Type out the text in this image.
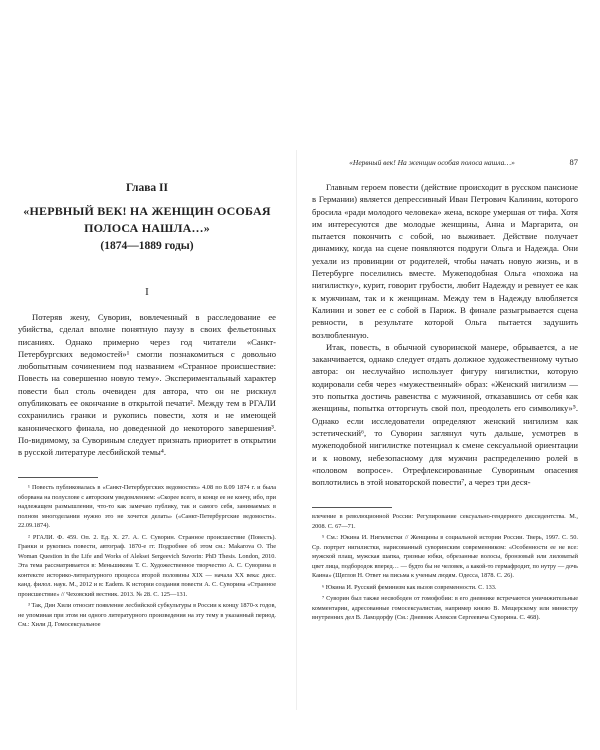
Глава II
«НЕРВНЫЙ ВЕК! НА ЖЕНЩИН ОСОБАЯ
ПОЛОСА НАШЛА…»
(1874—1889 годы)
I

Потеряв жену, Суворин, вовлеченный в расследование ее убийства, сделал вполне понятную паузу в своих фельетонных писаниях. Однако примерно через год читатели «Санкт-Петербургских ведомостей»¹ смогли познакомиться с довольно любопытным сочинением под названием «Странное происшествие: Повесть на совершенно новую тему». Экспериментальный характер повести был столь очевиден для автора, что он не рискнул опубликовать ее окончание в открытой печати². Между тем в РГАЛИ сохранились гранки и рукопись повести, хотя и не имеющей канонического финала, но доведенной до некоторого завершения³. По-видимому, за Сувориным следует признать приоритет в открытии в русской литературе лесбийской темы⁴.

¹ Повесть публиковалась в «Санкт-Петербургских ведомостях» 4.08 по 8.09 1874 г. и была оборвана на полуслове с авторским уведомлением: «Скорее всего, в конце ее не кончу, ибо, при надлежащем размышлении, что-то как замечаю публику, так и самого себя, занимаемых в полном многоделании нужно это не хочется делать» («Санкт-Петербургские ведомости». 22.09.1874).

² РГАЛИ. Ф. 459. Оп. 2. Ед. Х. 27. А. С. Суворин. Странное происшествие (Повесть). Гранки и рукопись повести, автограф. 1870-е гг. Подробнее об этом см.: Makarova O. The Woman Question in the Life and Works of Aleksei Sergeevich Suvorin: PhD Thesis. London, 2010. Эта тема рассматривается в: Меньшикова Т. С. Художественное творчество А. С. Суворина в контексте историко-литературного процесса второй половины XIX — начала XX века: дисс. канд. филол. наук. М., 2012 и в: Eadem. К истории создания повести А. С. Суворина «Странное происшествие» // Чеховский вестник. 2013. № 28. С. 125—131.

³ Так, Дин Хили относит появление лесбийской субкультуры в России к концу 1870-х годов, не упоминая при этом ни одного литературного произведения на эту тему в указанный период. См.: Хили Д. Гомосексуальное

«Нервный век! На женщин особая полоса нашла…»	87

Главным героем повести (действие происходит в русском пансионе в Германии) является депрессивный Иван Петрович Калинин, которого бросила «ради молодого человека» жена, вскоре умершая от тифа. Хотя им интересуются две молодые женщины, Анна и Маргарита, он пытается покончить с собой, но выживает. Действие получает динамику, когда на сцене появляются подруги Ольга и Надежда. Они уехали из провинции от родителей, чтобы начать новую жизнь, и в Петербурге поселились вместе. Мужеподобная Ольга «похожа на нигилистку», курит, говорит грубости, любит Надежду и ревнует ее как к мужчинам, так и к женщинам. Между тем в Надежду влюбляется Калинин и зовет ее с собой в Париж. В финале разыгрывается сцена ревности, в результате которой Ольга пытается задушить возлюбленную.

Итак, повесть, в обычной суворинской манере, обрывается, а не заканчивается, однако следует отдать должное художественному чутью автора: он неслучайно использует фигуру нигилистки, которую кодировали себя через «мужественный» образ: «Женский нигилизм — это попытка достичь равенства с мужчиной, отказавшись от себя как женщины, попытка отторгнуть свой пол, преодолеть его символику»⁵. Однако если исследователи определяют женский нигилизм как эстетический⁶, то Суворин заглянул чуть дальше, усмотрев в мужеподобной нигилистке потенциал к смене сексуальной ориентации и к новому, небезопасному для мужчин распределению ролей в «половом вопросе». Отрефлексированные Сувориным опасения воплотились в этой новаторской повести⁷, а через три деся-

влечение в революционной России: Регулирование сексуально-гендерного диссидентства. М., 2008. С. 67—71.

⁵ См.: Юкина И. Нигилистки // Женщины в социальной истории России. Тверь, 1997. С. 50. Ср. портрет нигилистки, нарисованный суворинским современником: «Особенности ее не все: мужской плащ, мужская шапка, грязные юбки, обрезанные волосы, бронзовый или лиловатый цвет лица, подбородок вперед… — будто бы не человек, а какой-то гермафродит, по нутру — дочь Каина» (Щеглов Н. Ответ на письма к ученым людям. Одесса, 1878. С. 26).

⁶ Юкина И. Русский феминизм как вызов современности. С. 133.

⁷ Суворин был также несвободен от гомофобии: в его дневнике встречаются уничижительные комментарии, адресованные гомосексуалистам, например князю В. Мещерскому или министру внутренних дел В. Ламздорфу (См.: Дневник Алексея Сергеевича Суворина. С. 468).
